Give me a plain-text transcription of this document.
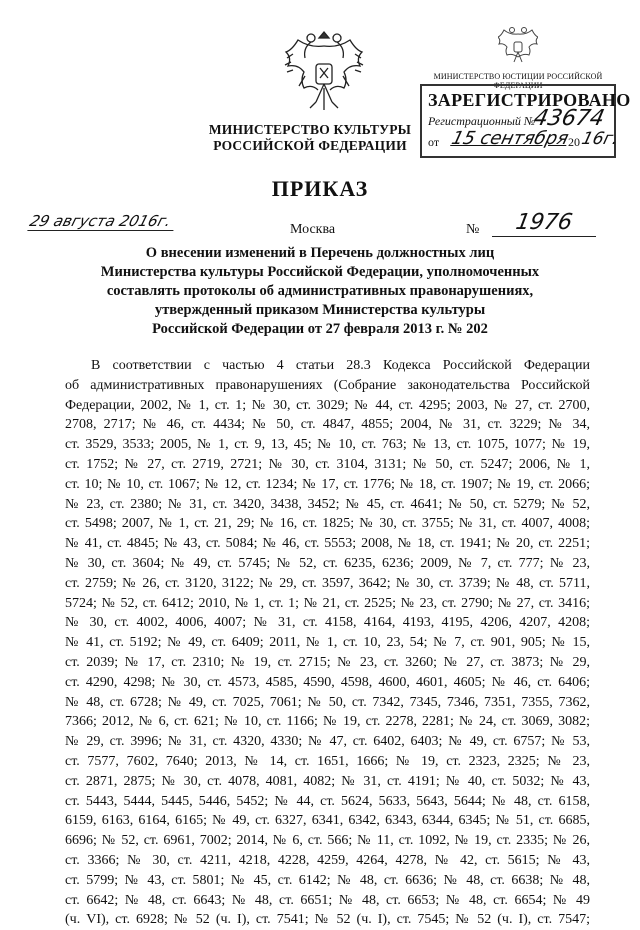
МИНИСТЕРСТВО КУЛЬТУРЫ
РОССИЙСКОЙ ФЕДЕРАЦИИ
МИНИСТЕРСТВО ЮСТИЦИИ РОССИЙСКОЙ ФЕДЕРАЦИИ
ЗАРЕГИСТРИРОВАНО
Регистрационный №
43674
от 15 сентября
20 16г.
ПРИКАЗ
29 августа 2016г.	Москва	№ 1976
О внесении изменений в Перечень должностных лиц
Министерства культуры Российской Федерации, уполномоченных
составлять протоколы об административных правонарушениях,
утвержденный приказом Министерства культуры
Российской Федерации от 27 февраля 2013 г. № 202
В соответствии с частью 4 статьи 28.3 Кодекса Российской Федерации
об административных правонарушениях (Собрание законодательства Российской
Федерации, 2002, № 1, ст. 1; № 30, ст. 3029; № 44, ст. 4295; 2003, № 27, ст. 2700,
2708, 2717; № 46, ст. 4434; № 50, ст. 4847, 4855; 2004, № 31, ст. 3229; № 34,
ст. 3529, 3533; 2005, № 1, ст. 9, 13, 45; № 10, ст. 763; № 13, ст. 1075, 1077; № 19,
ст. 1752; № 27, ст. 2719, 2721; № 30, ст. 3104, 3131; № 50, ст. 5247; 2006, № 1,
ст. 10; № 10, ст. 1067; № 12, ст. 1234; № 17, ст. 1776; № 18, ст. 1907; № 19, ст. 2066;
№ 23, ст. 2380; № 31, ст. 3420, 3438, 3452; № 45, ст. 4641; № 50, ст. 5279; № 52,
ст. 5498; 2007, № 1, ст. 21, 29; № 16, ст. 1825; № 30, ст. 3755; № 31, ст. 4007, 4008;
№ 41, ст. 4845; № 43, ст. 5084; № 46, ст. 5553; 2008, № 18, ст. 1941; № 20, ст. 2251;
№ 30, ст. 3604; № 49, ст. 5745; № 52, ст. 6235, 6236; 2009, № 7, ст. 777; № 23,
ст. 2759; № 26, ст. 3120, 3122; № 29, ст. 3597, 3642; № 30, ст. 3739; № 48, ст. 5711,
5724; № 52, ст. 6412; 2010, № 1, ст. 1; № 21, ст. 2525; № 23, ст. 2790; № 27, ст. 3416;
№ 30, ст. 4002, 4006, 4007; № 31, ст. 4158, 4164, 4193, 4195, 4206, 4207, 4208;
№ 41, ст. 5192; № 49, ст. 6409; 2011, № 1, ст. 10, 23, 54; № 7, ст. 901, 905; № 15,
ст. 2039; № 17, ст. 2310; № 19, ст. 2715; № 23, ст. 3260; № 27, ст. 3873; № 29,
ст. 4290, 4298; № 30, ст. 4573, 4585, 4590, 4598, 4600, 4601, 4605; № 46, ст. 6406;
№ 48, ст. 6728; № 49, ст. 7025, 7061; № 50, ст. 7342, 7345, 7346, 7351, 7355, 7362,
7366; 2012, № 6, ст. 621; № 10, ст. 1166; № 19, ст. 2278, 2281; № 24, ст. 3069, 3082;
№ 29, ст. 3996; № 31, ст. 4320, 4330; № 47, ст. 6402, 6403; № 49, ст. 6757; № 53,
ст. 7577, 7602, 7640; 2013, № 14, ст. 1651, 1666; № 19, ст. 2323, 2325; № 23,
ст. 2871, 2875; № 30, ст. 4078, 4081, 4082; № 31, ст. 4191; № 40, ст. 5032; № 43,
ст. 5443, 5444, 5445, 5446, 5452; № 44, ст. 5624, 5633, 5643, 5644; № 48, ст. 6158,
6159, 6163, 6164, 6165; № 49, ст. 6327, 6341, 6342, 6343, 6344, 6345; № 51, ст. 6685,
6696; № 52, ст. 6961, 7002; 2014, № 6, ст. 566; № 11, ст. 1092, № 19, ст. 2335; № 26,
ст. 3366; № 30, ст. 4211, 4218, 4228, 4259, 4264, 4278, № 42, ст. 5615; № 43,
ст. 5799; № 43, ст. 5801; № 45, ст. 6142; № 48, ст. 6636; № 48, ст. 6638; № 48,
ст. 6642; № 48, ст. 6643; № 48, ст. 6651; № 48, ст. 6653; № 48, ст. 6654; № 49
(ч. VI), ст. 6928; № 52 (ч. I), ст. 7541; № 52 (ч. I), ст. 7545; № 52 (ч. I), ст. 7547;
